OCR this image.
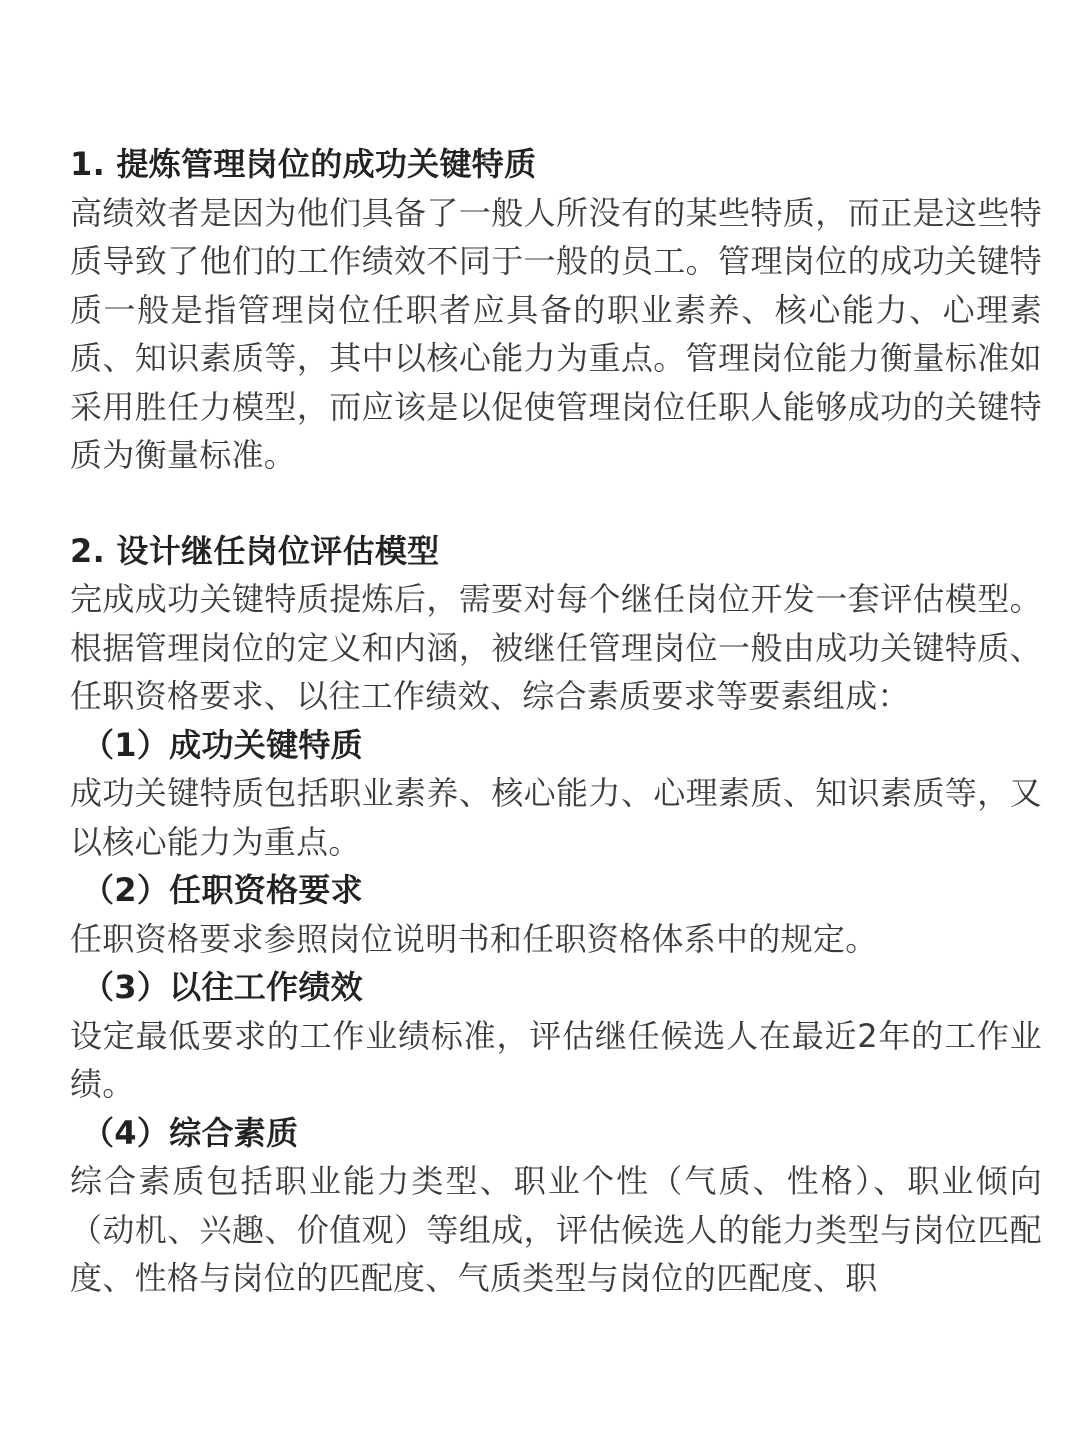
1. 提炼管理岗位的成功关键特质

高绩效者是因为他们具备了一般人所没有的某些特质，而正是这些特质导致了他们的工作绩效不同于一般的员工。管理岗位的成功关键特质一般是指管理岗位任职者应具备的职业素养、核心能力、心理素质、知识素质等，其中以核心能力为重点。管理岗位能力衡量标准如采用胜任力模型，而应该是以促使管理岗位任职人能够成功的关键特质为衡量标准。

2. 设计继任岗位评估模型

完成成功关键特质提炼后，需要对每个继任岗位开发一套评估模型。根据管理岗位的定义和内涵，被继任管理岗位一般由成功关键特质、任职资格要求、以往工作绩效、综合素质要求等要素组成：

（1）成功关键特质

成功关键特质包括职业素养、核心能力、心理素质、知识素质等，又以核心能力为重点。

（2）任职资格要求

任职资格要求参照岗位说明书和任职资格体系中的规定。

（3）以往工作绩效

设定最低要求的工作业绩标准，评估继任候选人在最近2年的工作业绩。

（4）综合素质

综合素质包括职业能力类型、职业个性（气质、性格）、职业倾向（动机、兴趣、价值观）等组成，评估候选人的能力类型与岗位匹配度、性格与岗位的匹配度、气质类型与岗位的匹配度、职
